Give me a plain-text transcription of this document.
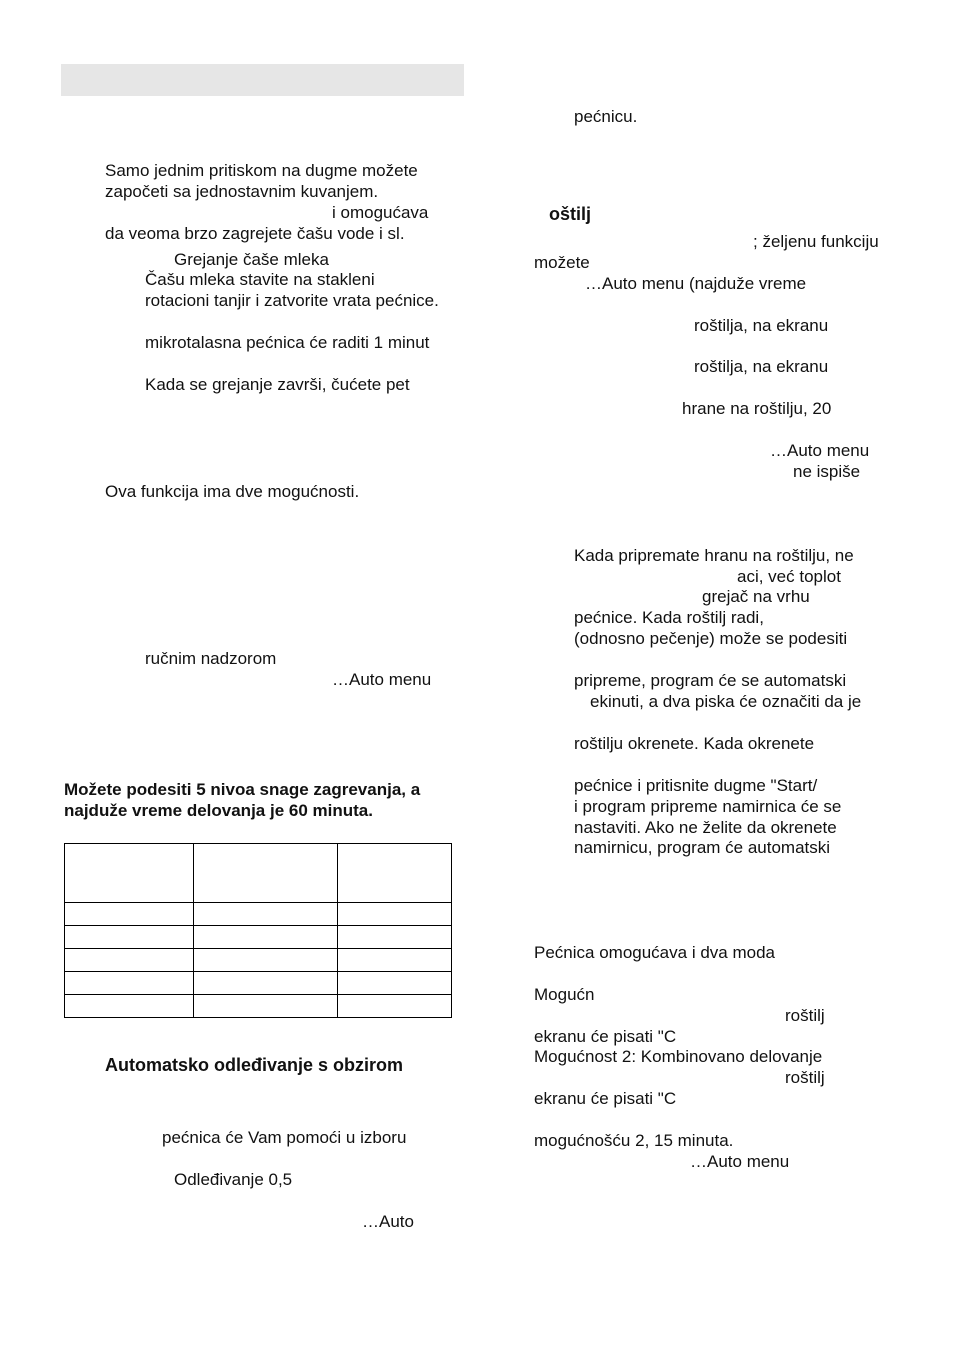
Samo jednim pritiskom na dugme možete
započeti sa jednostavnim kuvanjem.
i omogućava
da veoma brzo zagrejete čašu vode i sl.
Grejanje čaše mleka
Čašu mleka stavite na stakleni
rotacioni tanjir i zatvorite vrata pećnice.
mikrotalasna pećnica će raditi 1 minut
Kada se grejanje završi, čućete pet
Ova funkcija ima dve mogućnosti.
ručnim nadzorom
…Auto menu
Možete podesiti 5 nivoa snage zagrevanja, a
najduže vreme delovanja je 60 minuta.

Automatsko odleđivanje s obzirom
pećnica će Vam pomoći u izboru
Odleđivanje 0,5
…Auto
pećnicu.
oštilj
; željenu funkciju
možete
…Auto menu (najduže vreme
roštilja, na ekranu
roštilja, na ekranu
hrane na roštilju, 20
…Auto menu
ne ispiše
Kada pripremate hranu na roštilju, ne
aci, već toplot
grejač na vrhu
pećnice. Kada roštilj radi,
(odnosno pečenje) može se podesiti
pripreme, program će se automatski
ekinuti, a dva piska će označiti da je
roštilju okrenete. Kada okrenete
pećnice i pritisnite dugme "Start/
i program pripreme namirnica će se
nastaviti. Ako ne želite da okrenete
namirnicu, program će automatski
Pećnica omogućava i dva moda
Mogućn
roštilj
ekranu će pisati "C
Mogućnost 2: Kombinovano delovanje
roštilj
ekranu će pisati "C
mogućnošću 2, 15 minuta.
…Auto menu
